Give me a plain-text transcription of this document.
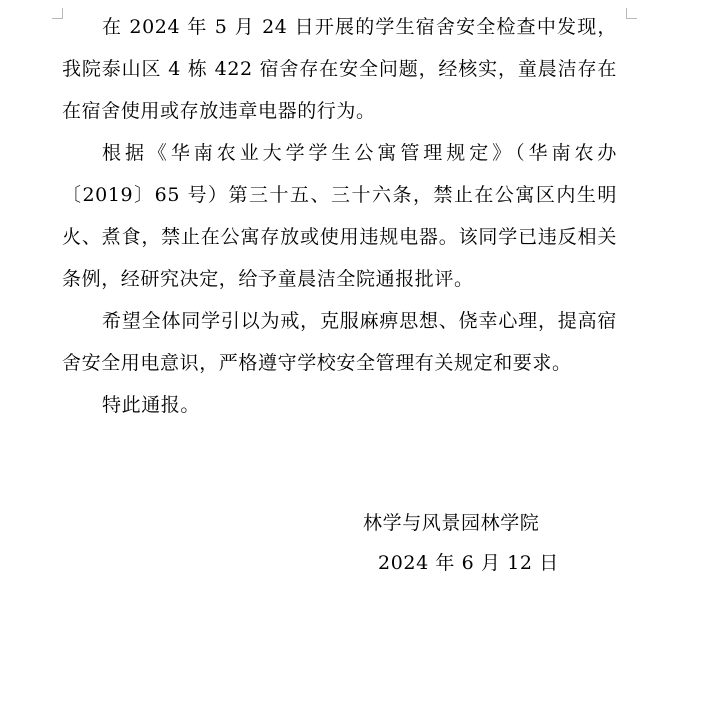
在 2024 年 5 月 24 日开展的学生宿舍安全检查中发现，我院泰山区 4 栋 422 宿舍存在安全问题，经核实，童晨洁存在在宿舍使用或存放违章电器的行为。

根据《华南农业大学学生公寓管理规定》（华南农办〔2019〕65 号）第三十五、三十六条，禁止在公寓区内生明火、煮食，禁止在公寓存放或使用违规电器。该同学已违反相关条例，经研究决定，给予童晨洁全院通报批评。

希望全体同学引以为戒，克服麻痹思想、侥幸心理，提高宿舍安全用电意识，严格遵守学校安全管理有关规定和要求。

特此通报。

林学与风景园林学院

2024 年 6 月 12 日
